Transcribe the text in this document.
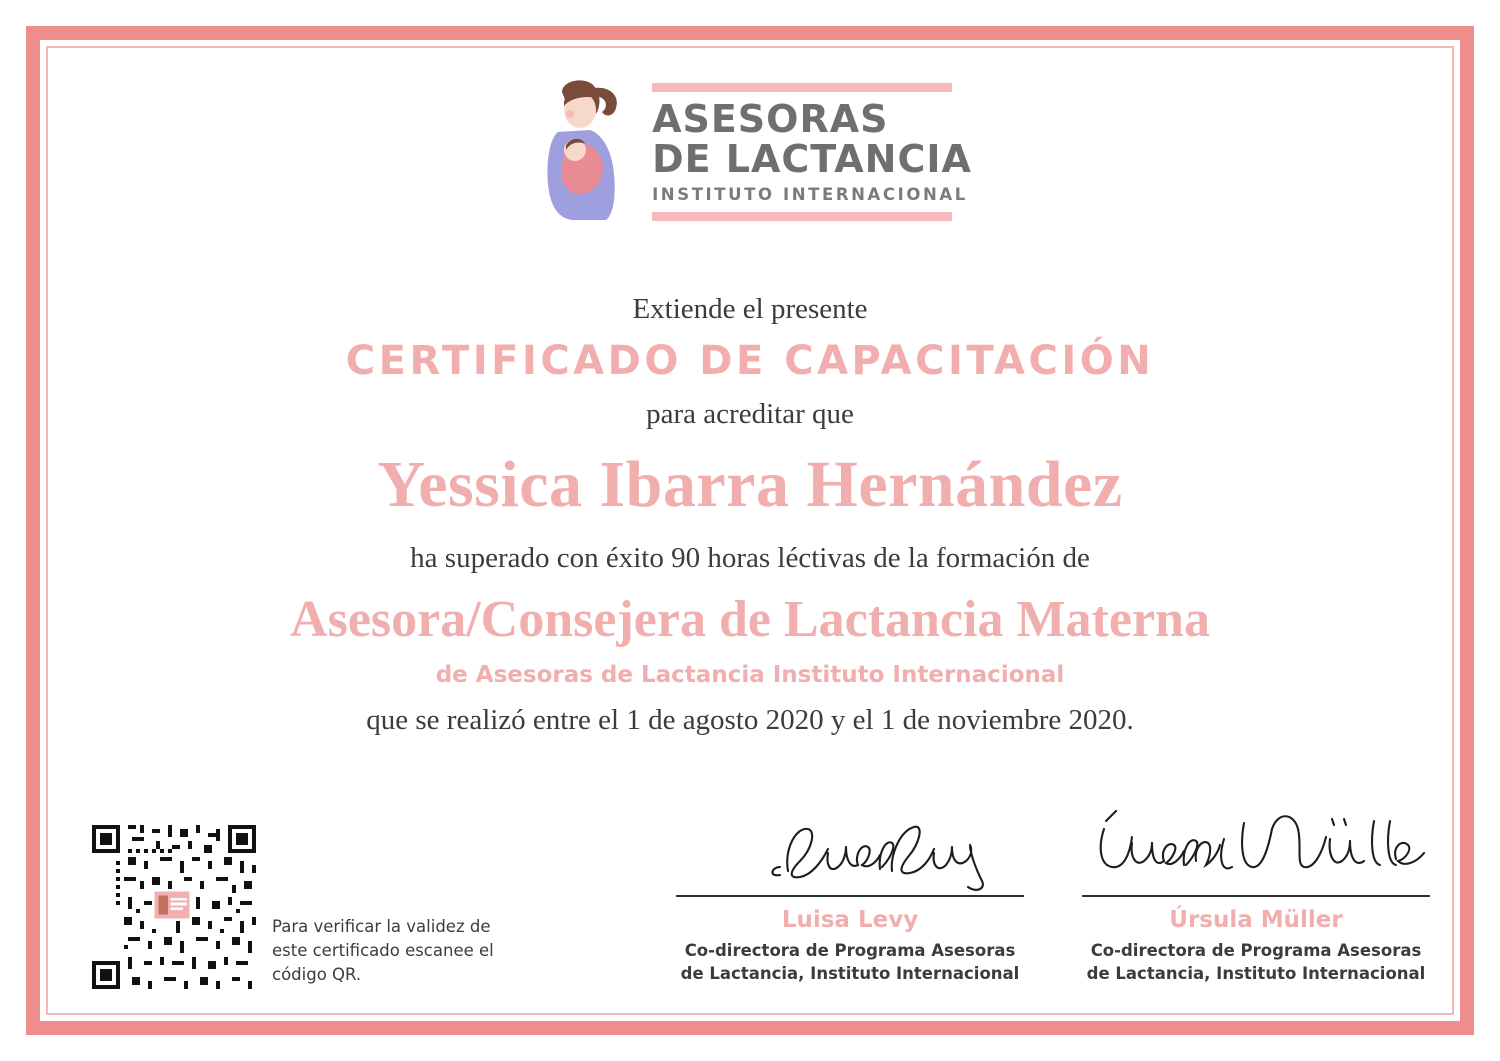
ASESORAS
DE LACTANCIA
INSTITUTO INTERNACIONAL
Extiende el presente
CERTIFICADO DE CAPACITACIÓN
para acreditar que
Yessica Ibarra Hernández
ha superado con éxito 90 horas léctivas de la formación de
Asesora/Consejera de Lactancia Materna
de Asesoras de Lactancia Instituto Internacional
que se realizó entre el 1 de agosto 2020 y el 1 de noviembre 2020.
Para verificar la validez de este certificado escanee el código QR.
Luisa Levy
Co-directora de Programa Asesoras de Lactancia, Instituto Internacional
Úrsula Müller
Co-directora de Programa Asesoras de Lactancia, Instituto Internacional
